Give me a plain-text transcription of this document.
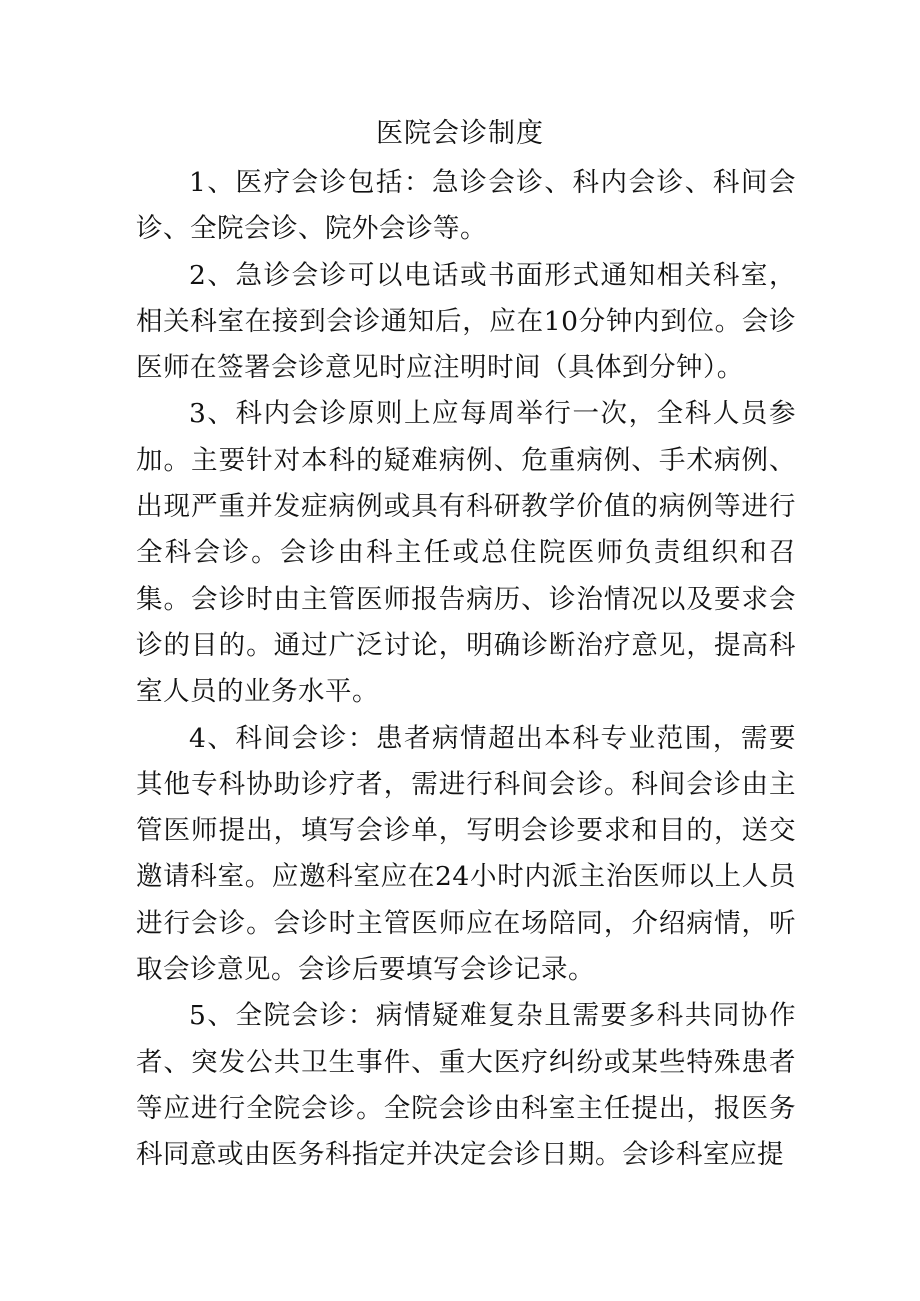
医院会诊制度

1、医疗会诊包括：急诊会诊、科内会诊、科间会诊、全院会诊、院外会诊等。

2、急诊会诊可以电话或书面形式通知相关科室，相关科室在接到会诊通知后，应在10分钟内到位。会诊医师在签署会诊意见时应注明时间（具体到分钟）。

3、科内会诊原则上应每周举行一次，全科人员参加。主要针对本科的疑难病例、危重病例、手术病例、出现严重并发症病例或具有科研教学价值的病例等进行全科会诊。会诊由科主任或总住院医师负责组织和召集。会诊时由主管医师报告病历、诊治情况以及要求会诊的目的。通过广泛讨论，明确诊断治疗意见，提高科室人员的业务水平。

4、科间会诊：患者病情超出本科专业范围，需要其他专科协助诊疗者，需进行科间会诊。科间会诊由主管医师提出，填写会诊单，写明会诊要求和目的，送交邀请科室。应邀科室应在24小时内派主治医师以上人员进行会诊。会诊时主管医师应在场陪同，介绍病情，听取会诊意见。会诊后要填写会诊记录。

5、全院会诊：病情疑难复杂且需要多科共同协作者、突发公共卫生事件、重大医疗纠纷或某些特殊患者等应进行全院会诊。全院会诊由科室主任提出，报医务科同意或由医务科指定并决定会诊日期。会诊科室应提
